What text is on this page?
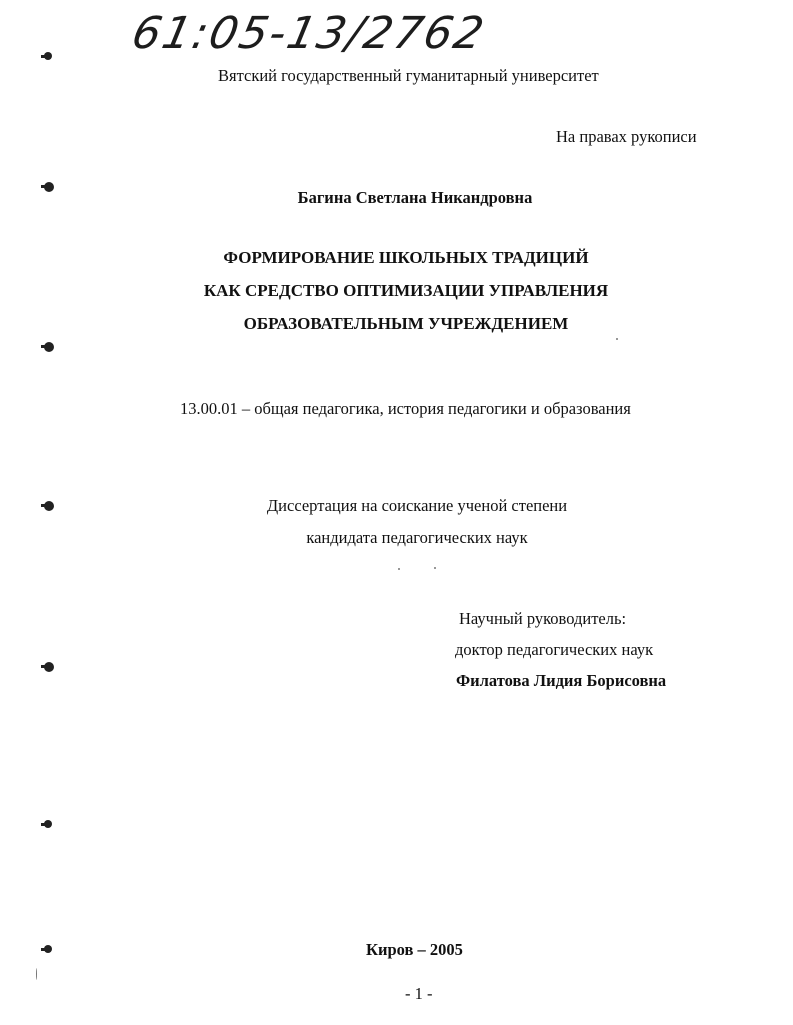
61:05-13/2762
Вятский государственный гуманитарный университет
На правах рукописи
Багина Светлана Никандровна
ФОРМИРОВАНИЕ ШКОЛЬНЫХ ТРАДИЦИЙ
КАК СРЕДСТВО ОПТИМИЗАЦИИ УПРАВЛЕНИЯ
ОБРАЗОВАТЕЛЬНЫМ УЧРЕЖДЕНИЕМ
13.00.01 – общая педагогика, история педагогики и образования
Диссертация на соискание ученой степени
кандидата педагогических наук
Научный руководитель:
доктор педагогических наук
Филатова Лидия Борисовна
Киров – 2005
- 1 -
